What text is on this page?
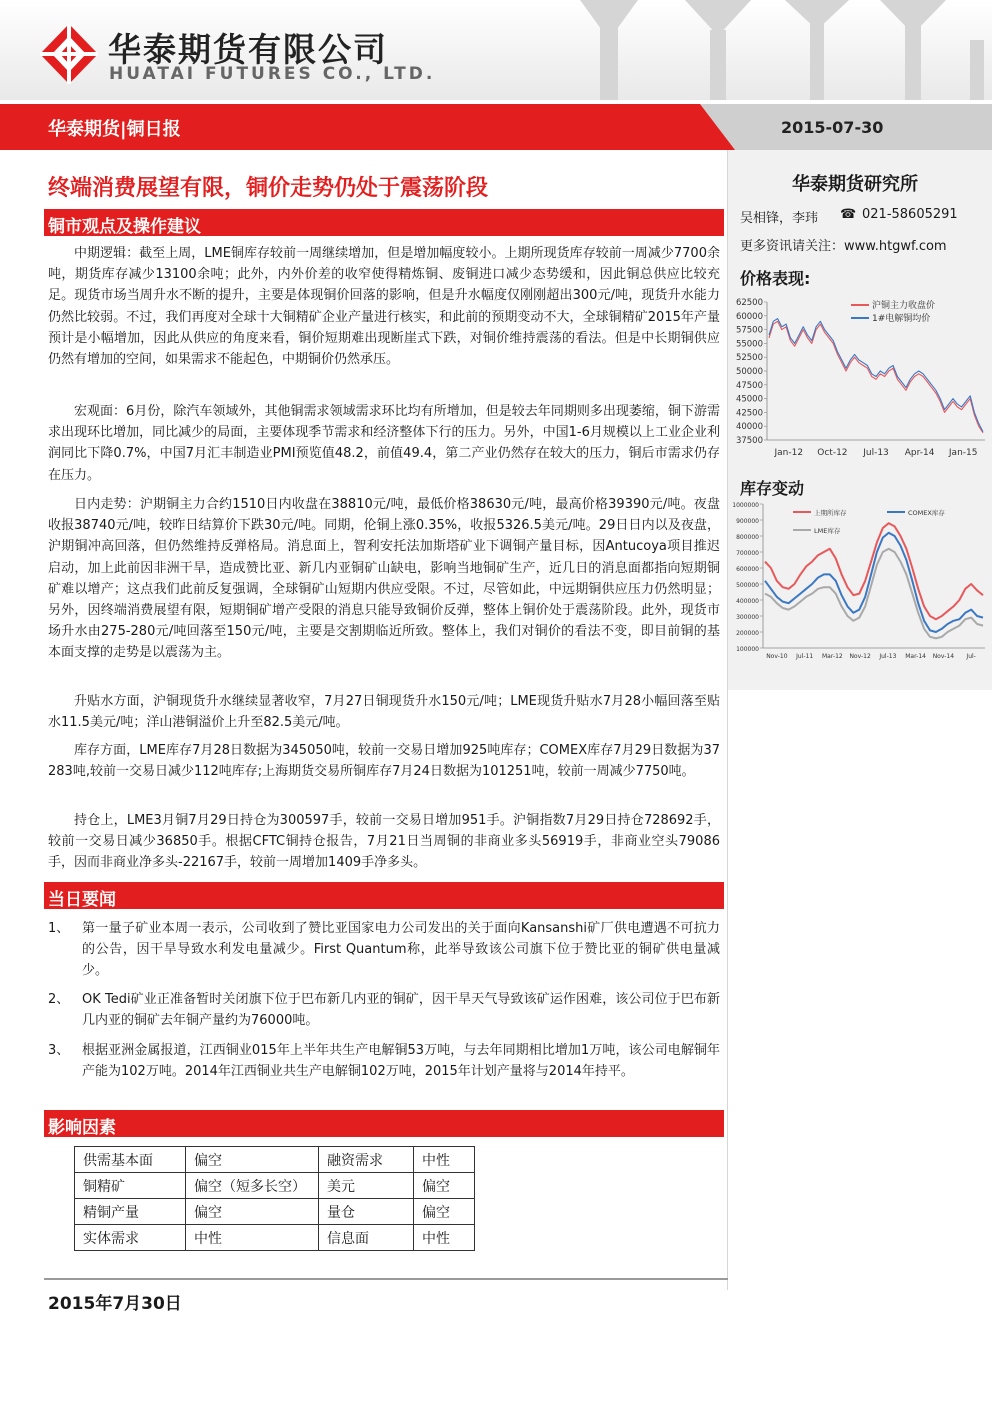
华泰期货有限公司
HUATAI FUTURES CO., LTD.
华泰期货|铜日报	2015-07-30
终端消费展望有限，铜价走势仍处于震荡阶段
铜市观点及操作建议
中期逻辑：截至上周，LME铜库存较前一周继续增加，但是增加幅度较小。上期所现货库存较前一周减少7700余吨，期货库存减少13100余吨；此外，内外价差的收窄使得精炼铜、废铜进口减少态势缓和，因此铜总供应比较充足。现货市场当周升水不断的提升，主要是体现铜价回落的影响，但是升水幅度仅刚刚超出300元/吨，现货升水能力仍然比较弱。不过，我们再度对全球十大铜精矿企业产量进行核实，和此前的预期变动不大，全球铜精矿2015年产量预计是小幅增加，因此从供应的角度来看，铜价短期难出现断崖式下跌，对铜价维持震荡的看法。但是中长期铜供应仍然有增加的空间，如果需求不能起色，中期铜价仍然承压。
宏观面：6月份，除汽车领域外，其他铜需求领域需求环比均有所增加，但是较去年同期则多出现萎缩，铜下游需求出现环比增加，同比减少的局面，主要体现季节需求和经济整体下行的压力。另外，中国1-6月规模以上工业企业利润同比下降0.7%，中国7月汇丰制造业PMI预览值48.2，前值49.4，第二产业仍然存在较大的压力，铜后市需求仍存在压力。
日内走势：沪期铜主力合约1510日内收盘在38810元/吨，最低价格38630元/吨，最高价格39390元/吨。夜盘收报38740元/吨，较昨日结算价下跌30元/吨。同期，伦铜上涨0.35%，收报5326.5美元/吨。29日日内以及夜盘，沪期铜冲高回落，但仍然维持反弹格局。消息面上，智利安托法加斯塔矿业下调铜产量目标，因Antucoya项目推迟启动，加上此前因非洲干旱，造成赞比亚、新几内亚铜矿山缺电，影响当地铜矿生产，近几日的消息面都指向短期铜矿难以增产；这点我们此前反复强调，全球铜矿山短期内供应受限。不过，尽管如此，中远期铜供应压力仍然明显；另外，因终端消费展望有限，短期铜矿增产受限的消息只能导致铜价反弹，整体上铜价处于震荡阶段。此外，现货市场升水由275-280元/吨回落至150元/吨，主要是交割期临近所致。整体上，我们对铜价的看法不变，即目前铜的基本面支撑的走势是以震荡为主。
升贴水方面，沪铜现货升水继续显著收窄，7月27日铜现货升水150元/吨；LME现货升贴水7月28小幅回落至贴水11.5美元/吨；洋山港铜溢价上升至82.5美元/吨。
库存方面，LME库存7月28日数据为345050吨，较前一交易日增加925吨库存；COMEX库存7月29日数据为37283吨,较前一交易日减少112吨库存;上海期货交易所铜库存7月24日数据为101251吨，较前一周减少7750吨。
持仓上，LME3月铜7月29日持仓为300597手，较前一交易日增加951手。沪铜指数7月29日持仓728692手，较前一交易日减少36850手。根据CFTC铜持仓报告，7月21日当周铜的非商业多头56919手，非商业空头79086手，因而非商业净多头-22167手，较前一周增加1409手净多头。
当日要闻
1、 第一量子矿业本周一表示，公司收到了赞比亚国家电力公司发出的关于面向Kansanshi矿厂供电遭遇不可抗力的公告，因干旱导致水利发电量减少。First Quantum称，此举导致该公司旗下位于赞比亚的铜矿供电量减少。
2、 OK Tedi矿业正准备暂时关闭旗下位于巴布新几内亚的铜矿，因干旱天气导致该矿运作困难，该公司位于巴布新几内亚的铜矿去年铜产量约为76000吨。
3、 根据亚洲金属报道，江西铜业015年上半年共生产电解铜53万吨，与去年同期相比增加1万吨，该公司电解铜年产能为102万吨。2014年江西铜业共生产电解铜102万吨，2015年计划产量将与2014年持平。
影响因素
供需基本面	偏空	融资需求	中性
铜精矿	偏空（短多长空）	美元	偏空
精铜产量	偏空	量仓	偏空
实体需求	中性	信息面	中性
2015年7月30日
华泰期货研究所
吴相锋，李玮 ☎ 021-58605291
更多资讯请关注：www.htgwf.com
价格表现:
库存变动
37500
40000
42500
45000
47500
50000
52500
55000
57500
60000
62500
Jan-12 Oct-12 Jul-13 Apr-14 Jan-15
沪铜主力收盘价
1#电解铜均价
100000
200000
300000
400000
500000
600000
700000
800000
900000
1000000
Nov-10 Jul-11 Mar-12 Nov-12 Jul-13 Mar-14 Nov-14 Jul-
上期所库存	COMEX库存
LME库存
